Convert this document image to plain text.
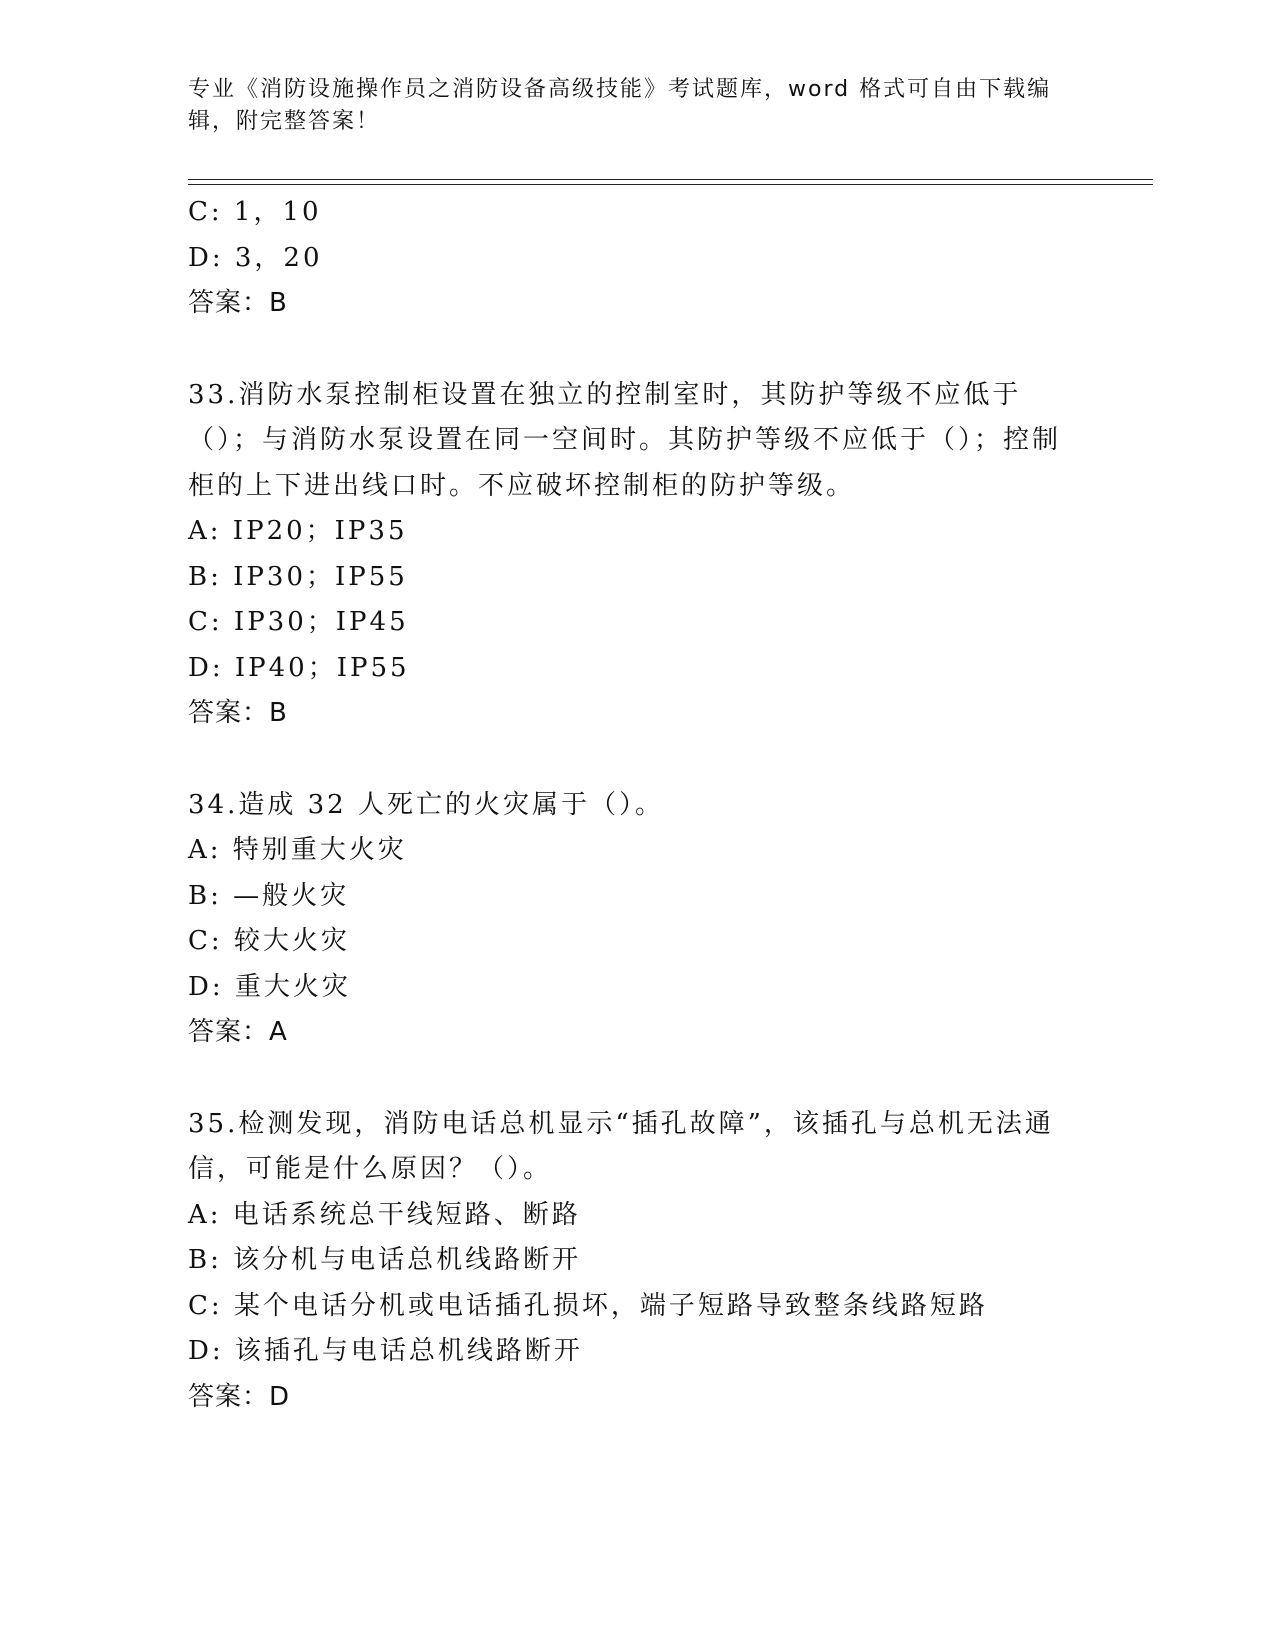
专业《消防设施操作员之消防设备高级技能》考试题库，word 格式可自由下载编辑，附完整答案！
C: 1，10
D: 3，20
答案：B
33.消防水泵控制柜设置在独立的控制室时，其防护等级不应低于（）；与消防水泵设置在同一空间时。其防护等级不应低于（）；控制柜的上下进出线口时。不应破坏控制柜的防护等级。
A: IP20；IP35
B: IP30；IP55
C: IP30；IP45
D: IP40；IP55
答案：B
34.造成 32 人死亡的火灾属于（）。
A: 特别重大火灾
B: —般火灾
C: 较大火灾
D: 重大火灾
答案：A
35.检测发现，消防电话总机显示“插孔故障”，该插孔与总机无法通信，可能是什么原因？（）。
A: 电话系统总干线短路、断路
B: 该分机与电话总机线路断开
C: 某个电话分机或电话插孔损坏，端子短路导致整条线路短路
D: 该插孔与电话总机线路断开
答案：D
